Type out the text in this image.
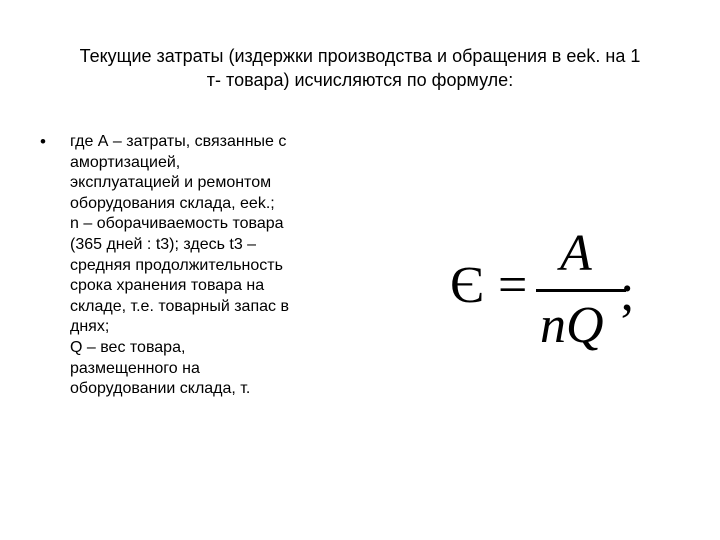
Текущие затраты (издержки производства и обращения в eek. на 1
т- товара) исчисляются по формуле:
• где А – затраты, связанные с
амортизацией,
эксплуатацией и ремонтом
оборудования склада, eek.;
n – оборачиваемость товара
(365 дней : t3); здесь t3 –
средняя продолжительность
срока хранения товара на
складе, т.е. товарный запас в
днях;
Q – вес товара,
размещенного на
оборудовании склада, т.
Э =
A
nQ
;
